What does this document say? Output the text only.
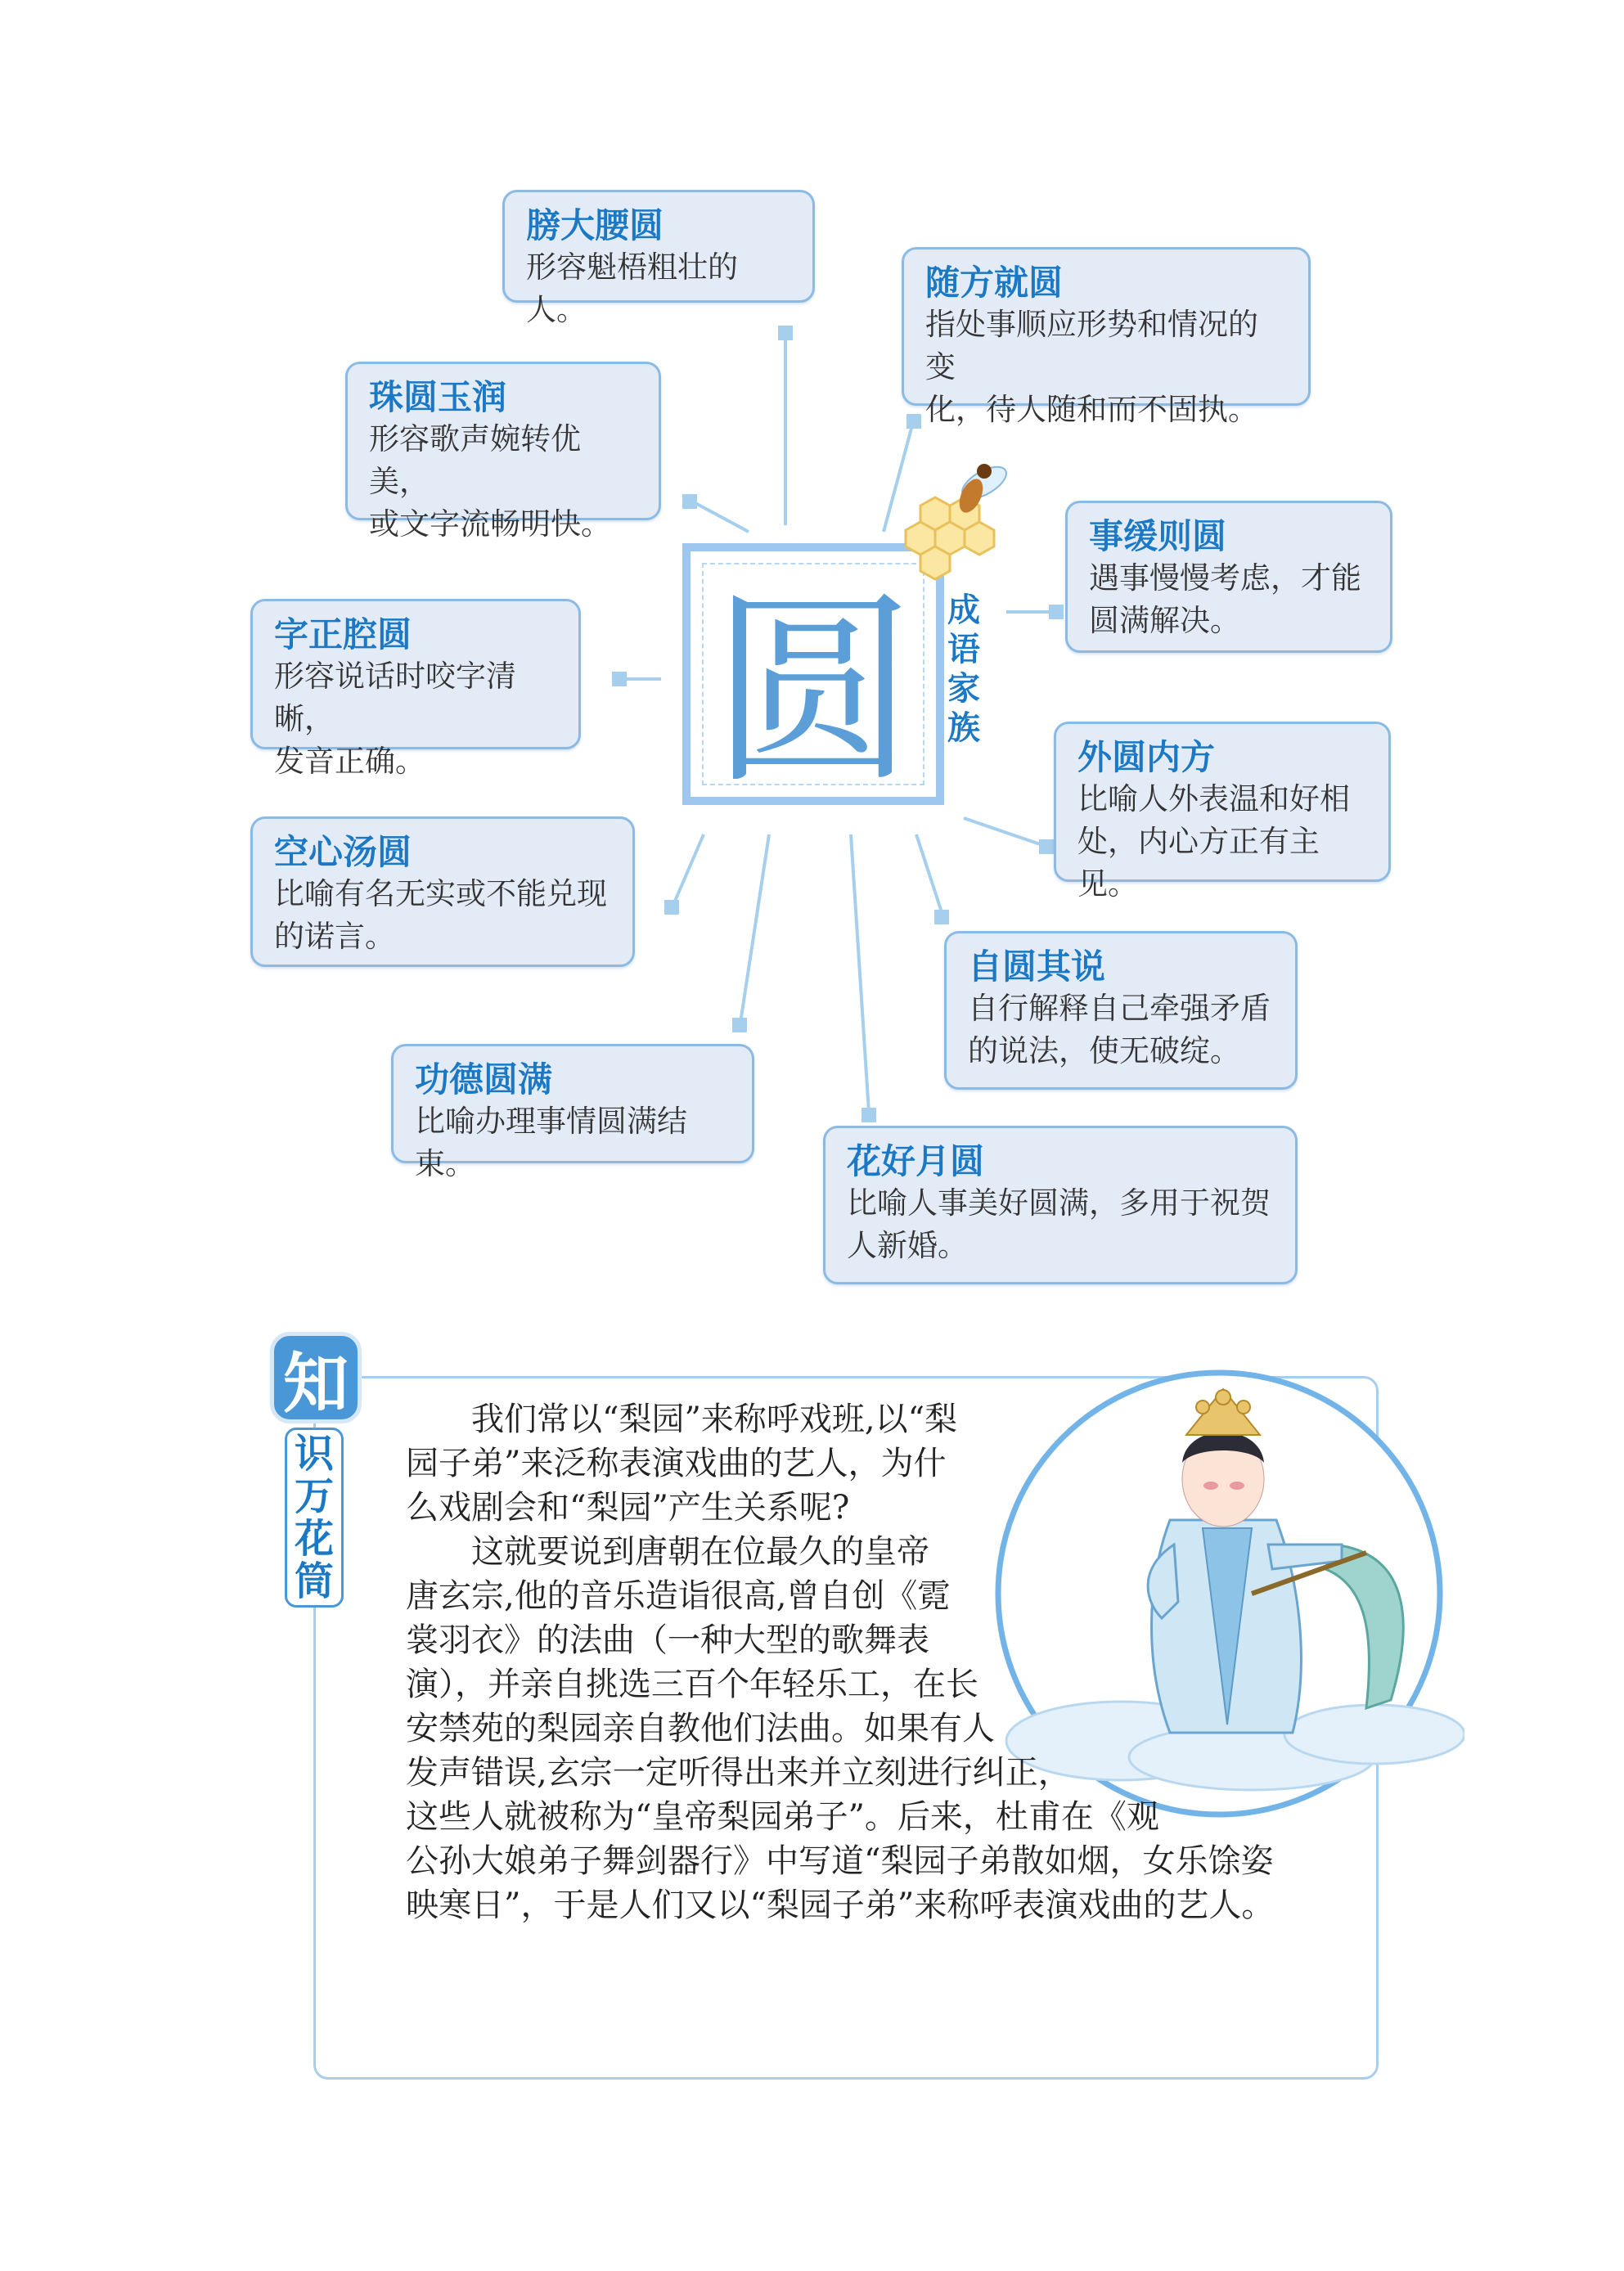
圆 成
语
家
族
膀大腰圆
形容魁梧粗壮的人。
随方就圆
指处事顺应形势和情况的变
化，待人随和而不固执。
珠圆玉润
形容歌声婉转优美，
或文字流畅明快。	事缓则圆
遇事慢慢考虑，才能
圆满解决。
字正腔圆
形容说话时咬字清晰，
发音正确。	外圆内方
比喻人外表温和好相
处，内心方正有主见。
空心汤圆
比喻有名无实或不能兑现
的诺言。
自圆其说
自行解释自己牵强矛盾
的说法，使无破绽。
功德圆满
比喻办理事情圆满结束。	花好月圆
比喻人事美好圆满，多用于祝贺
人新婚。
识
万
花
筒
知	　　我们常以“梨园”来称呼戏班,以“梨
园子弟”来泛称表演戏曲的艺人，为什
么戏剧会和“梨园”产生关系呢?
　　这就要说到唐朝在位最久的皇帝
唐玄宗,他的音乐造诣很高,曾自创《霓
裳羽衣》的法曲（一种大型的歌舞表
演），并亲自挑选三百个年轻乐工，在长
安禁苑的梨园亲自教他们法曲。如果有人
发声错误,玄宗一定听得出来并立刻进行纠正，
这些人就被称为“皇帝梨园弟子”。后来，杜甫在《观
公孙大娘弟子舞剑器行》中写道“梨园子弟散如烟，女乐馀姿
映寒日”，于是人们又以“梨园子弟”来称呼表演戏曲的艺人。
